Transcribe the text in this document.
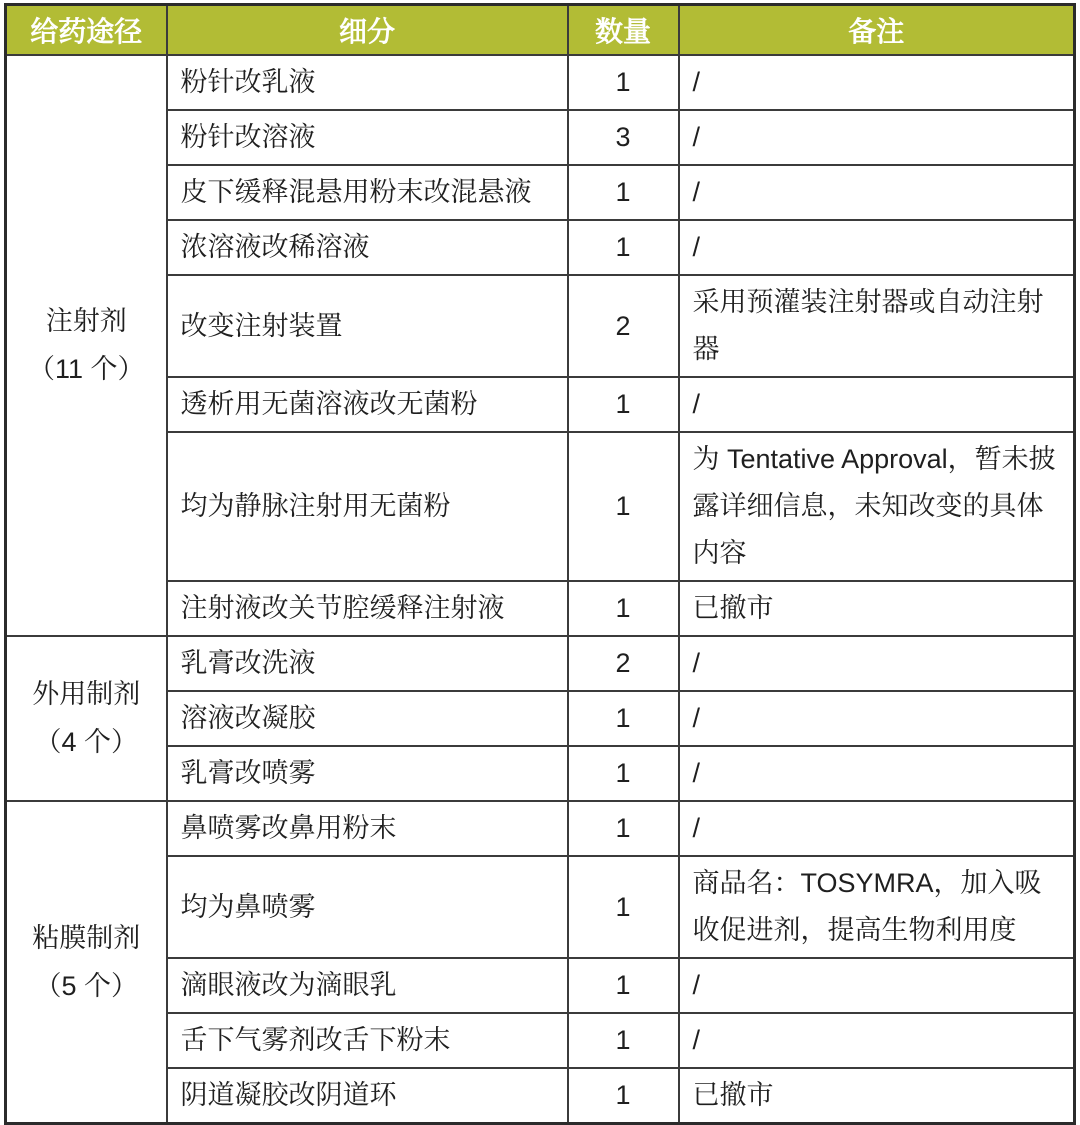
给药途径	细分	数量	备注

注射剂
（11 个）	粉针改乳液	1	/
	粉针改溶液	3	/
	皮下缓释混悬用粉末改混悬液	1	/
	浓溶液改稀溶液	1	/
	改变注射装置	2	采用预灌装注射器或自动注射器
	透析用无菌溶液改无菌粉	1	/
	均为静脉注射用无菌粉	1	为 Tentative Approval，暂未披露详细信息，未知改变的具体内容
	注射液改关节腔缓释注射液	1	已撤市

外用制剂
（4 个）	乳膏改洗液	2	/
	溶液改凝胶	1	/
	乳膏改喷雾	1	/

粘膜制剂
（5 个）	鼻喷雾改鼻用粉末	1	/
	均为鼻喷雾	1	商品名：TOSYMRA，加入吸收促进剂，提高生物利用度
	滴眼液改为滴眼乳	1	/
	舌下气雾剂改舌下粉末	1	/
	阴道凝胶改阴道环	1	已撤市
